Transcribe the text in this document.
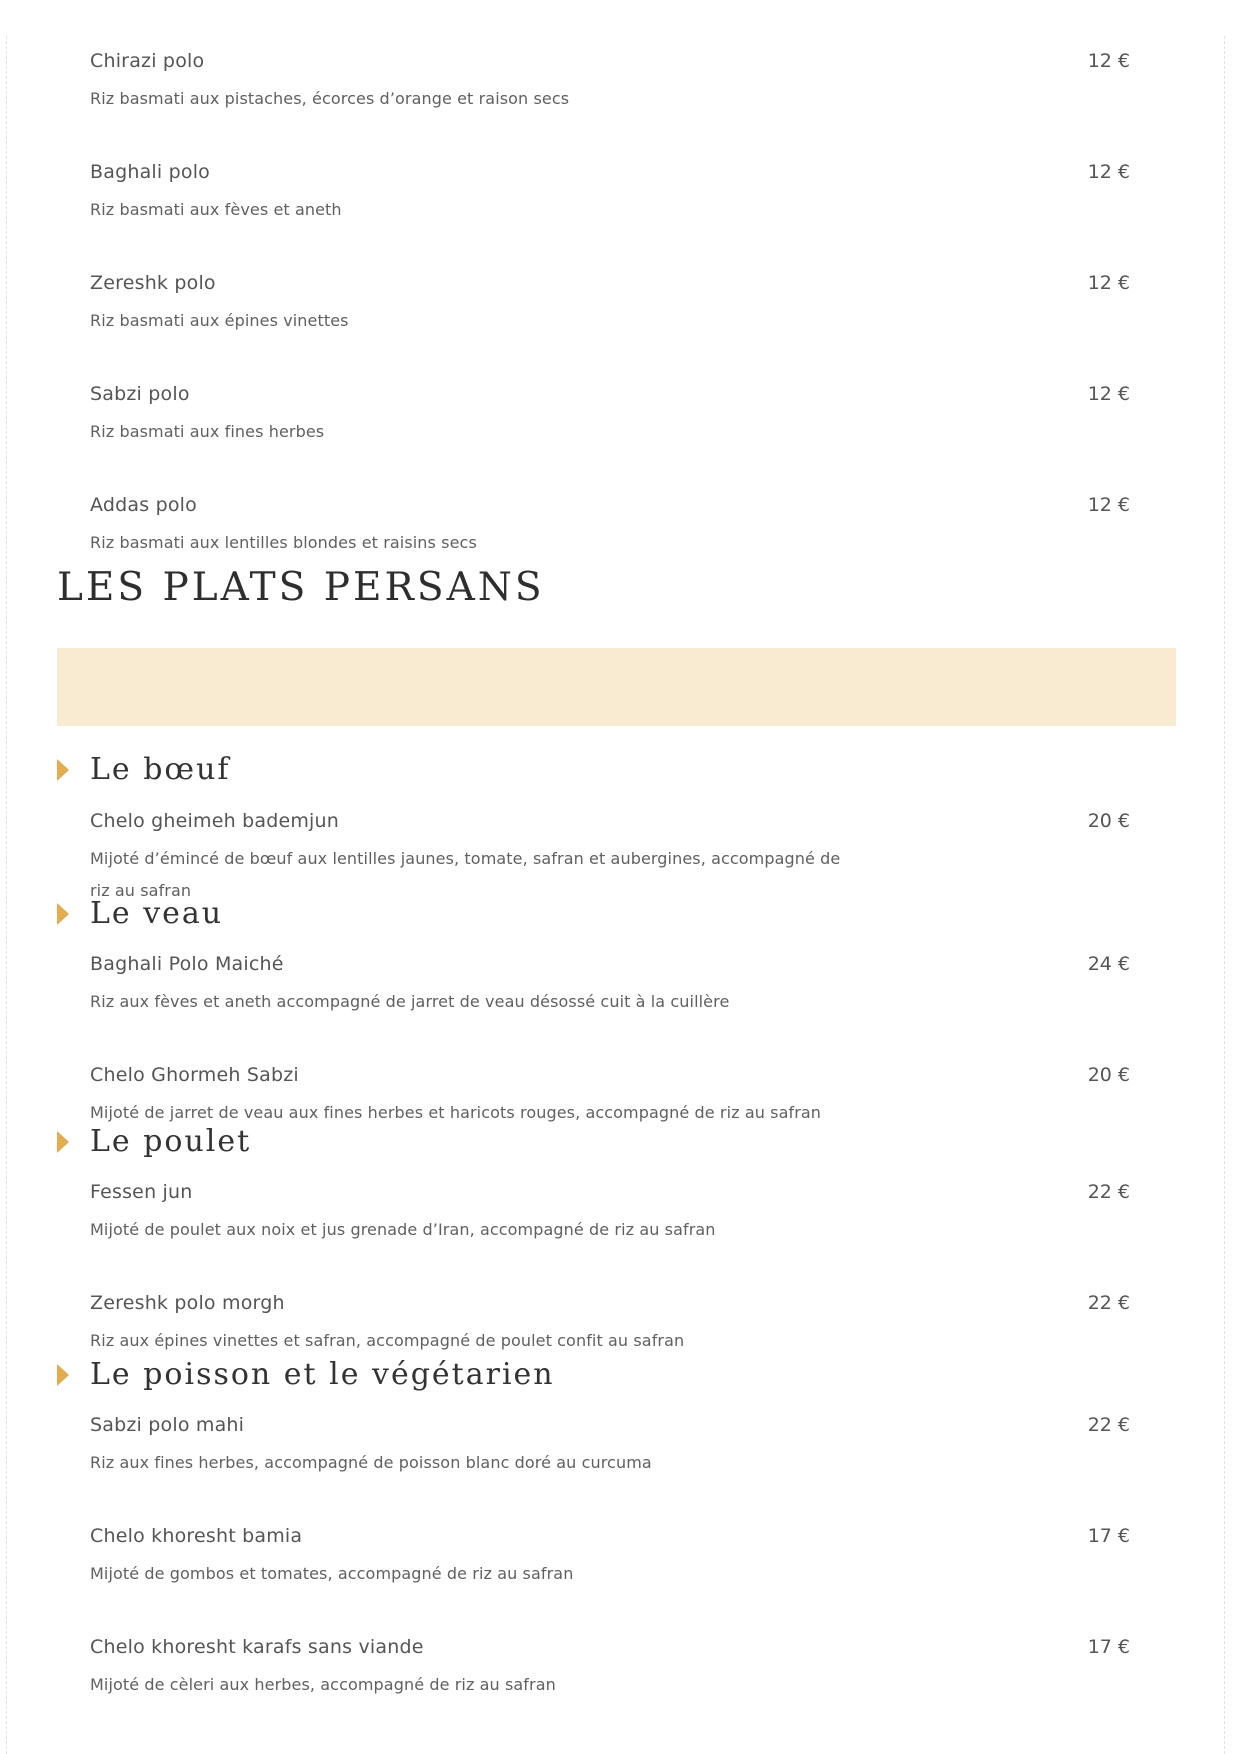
Chirazi polo	12 €
Riz basmati aux pistaches, écorces d’orange et raison secs
Baghali polo	12 €
Riz basmati aux fèves et aneth
Zereshk polo	12 €
Riz basmati aux épines vinettes
Sabzi polo	12 €
Riz basmati aux fines herbes
Addas polo	12 €
Riz basmati aux lentilles blondes et raisins secs
LES PLATS PERSANS
Le bœuf
Chelo gheimeh bademjun	20 €
Mijoté d’émincé de bœuf aux lentilles jaunes, tomate, safran et aubergines, accompagné de riz au safran
Le veau
Baghali Polo Maiché	24 €
Riz aux fèves et aneth accompagné de jarret de veau désossé cuit à la cuillère
Chelo Ghormeh Sabzi	20 €
Mijoté de jarret de veau aux fines herbes et haricots rouges, accompagné de riz au safran
Le poulet
Fessen jun	22 €
Mijoté de poulet aux noix et jus grenade d’Iran, accompagné de riz au safran
Zereshk polo morgh	22 €
Riz aux épines vinettes et safran, accompagné de poulet confit au safran
Le poisson et le végétarien
Sabzi polo mahi	22 €
Riz aux fines herbes, accompagné de poisson blanc doré au curcuma
Chelo khoresht bamia	17 €
Mijoté de gombos et tomates, accompagné de riz au safran
Chelo khoresht karafs sans viande	17 €
Mijoté de cèleri aux herbes, accompagné de riz au safran
